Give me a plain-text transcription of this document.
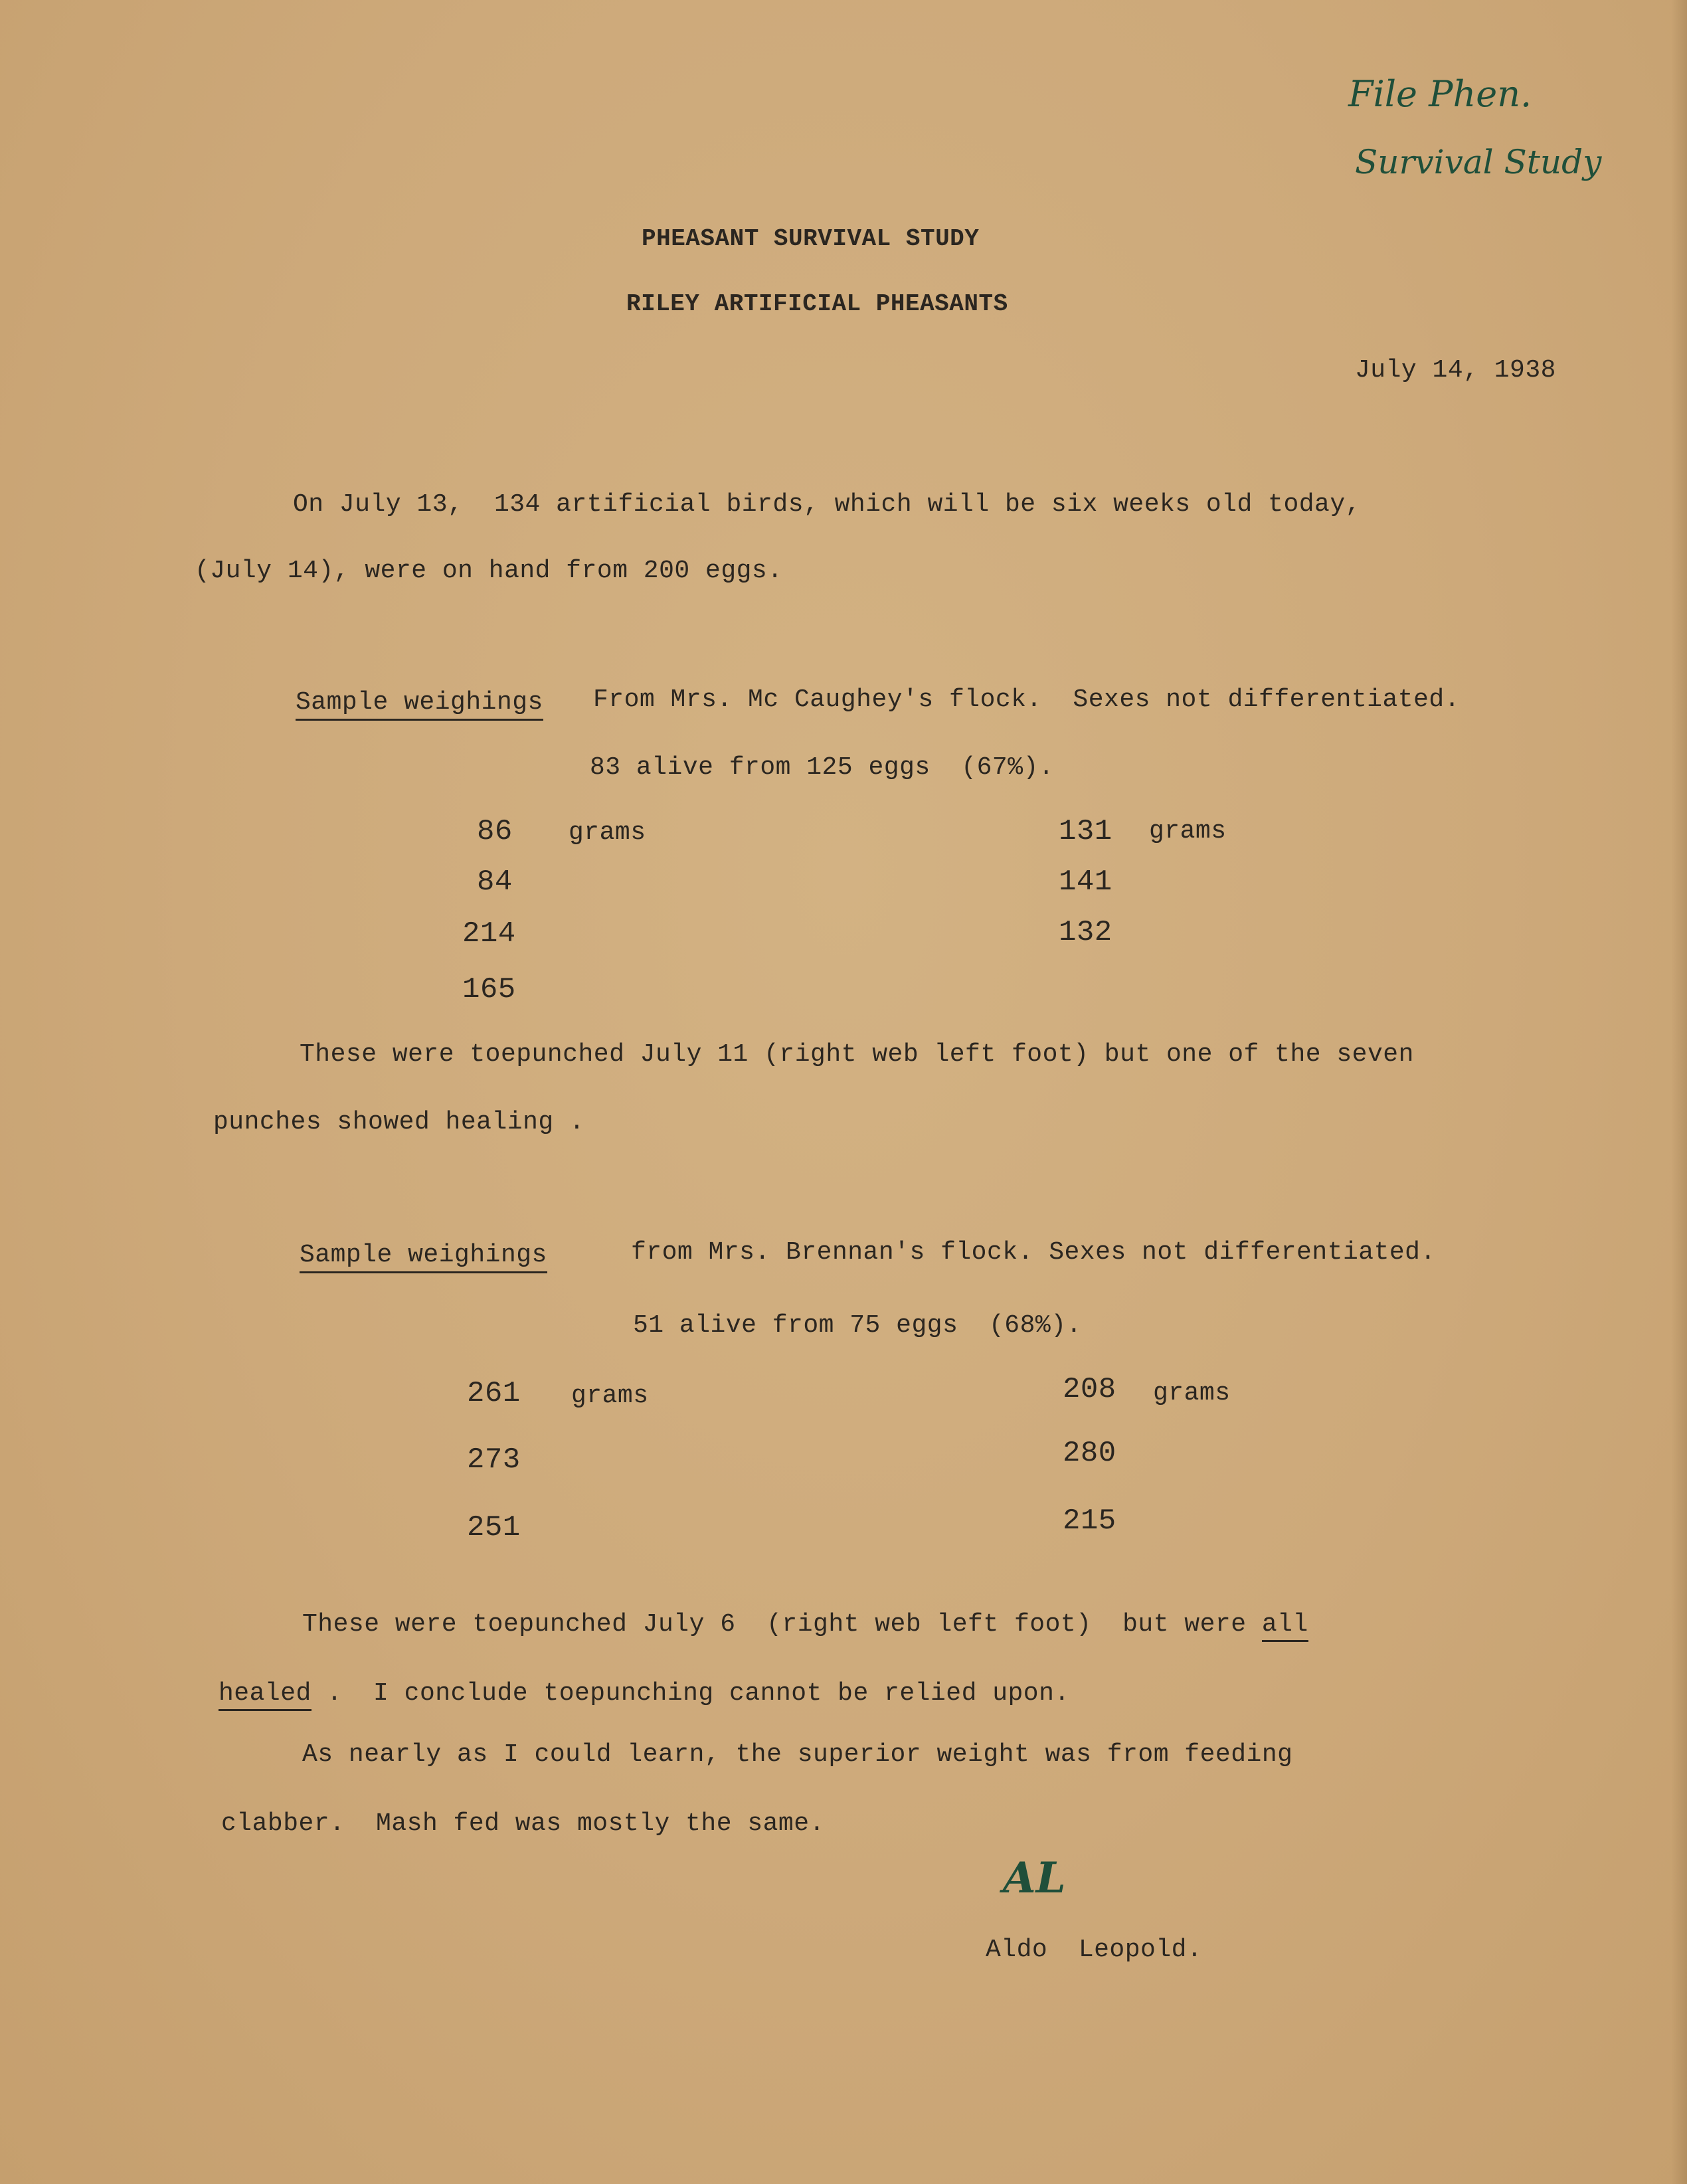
File Phen.
Survival Study
PHEASANT SURVIVAL STUDY
RILEY ARTIFICIAL PHEASANTS
July 14, 1938
On July 13,  134 artificial birds, which will be six weeks old today,
(July 14), were on hand from 200 eggs.
Sample weighings From Mrs. Mc Caughey's flock.  Sexes not differentiated.
83 alive from 125 eggs  (67%).
86 grams
84
214
165
131 grams
141
132
These were toepunched July 11 (right web left foot) but one of the seven
punches showed healing .
Sample weighings	from Mrs. Brennan's flock. Sexes not differentiated.
51 alive from 75 eggs  (68%).
261 grams
273
251
208 grams
280
215
These were toepunched July 6  (right web left foot)  but were all
healed .  I conclude toepunching cannot be relied upon.
As nearly as I could learn, the superior weight was from feeding
clabber.  Mash fed was mostly the same.
AL
Aldo  Leopold.
